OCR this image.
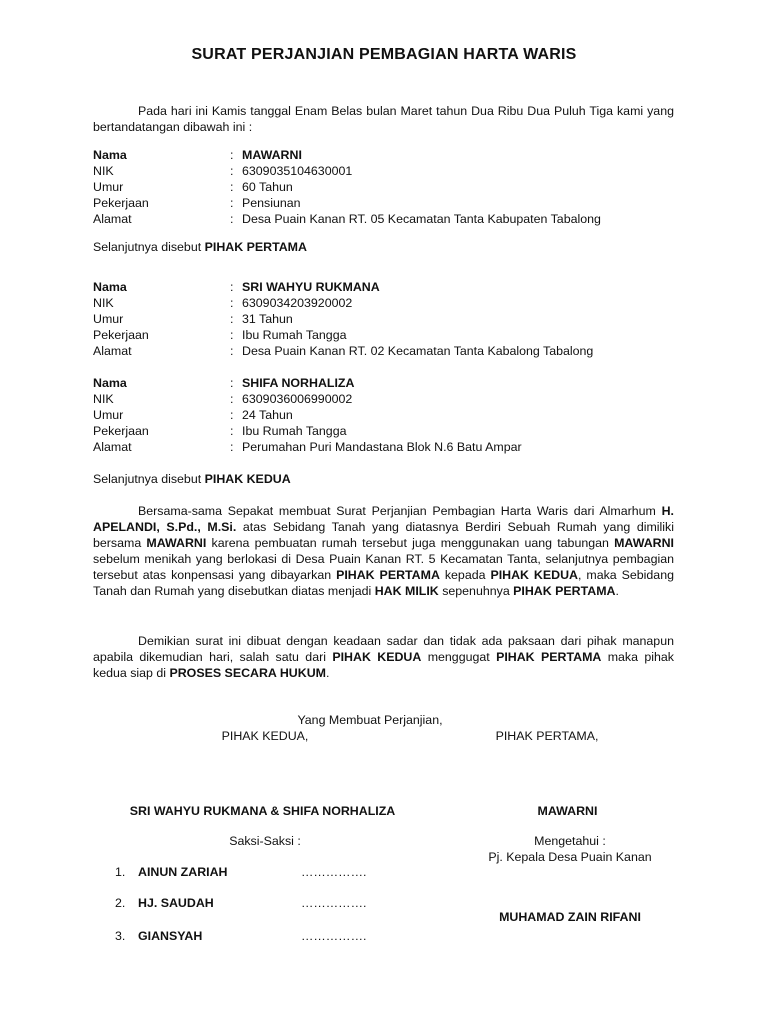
SURAT PERJANJIAN PEMBAGIAN HARTA WARIS
Pada hari ini Kamis tanggal Enam Belas bulan Maret tahun Dua Ribu Dua Puluh Tiga kami yang bertandatangan dibawah ini :
Nama	: MAWARNI
NIK	: 6309035104630001
Umur	: 60 Tahun
Pekerjaan	: Pensiunan
Alamat	: Desa Puain Kanan RT. 05 Kecamatan Tanta Kabupaten Tabalong
Selanjutnya disebut PIHAK PERTAMA
Nama	: SRI WAHYU RUKMANA
NIK	: 6309034203920002
Umur	: 31 Tahun
Pekerjaan	: Ibu Rumah Tangga
Alamat	: Desa Puain Kanan RT. 02 Kecamatan Tanta Kabalong Tabalong
Nama	: SHIFA NORHALIZA
NIK	: 6309036006990002
Umur	: 24 Tahun
Pekerjaan	: Ibu Rumah Tangga
Alamat	: Perumahan Puri Mandastana Blok N.6 Batu Ampar
Selanjutnya disebut PIHAK KEDUA
Bersama-sama Sepakat membuat Surat Perjanjian Pembagian Harta Waris dari Almarhum H. APELANDI, S.Pd., M.Si. atas Sebidang Tanah yang diatasnya Berdiri Sebuah Rumah yang dimiliki bersama MAWARNI karena pembuatan rumah tersebut juga menggunakan uang tabungan MAWARNI sebelum menikah yang berlokasi di Desa Puain Kanan RT. 5 Kecamatan Tanta, selanjutnya pembagian tersebut atas konpensasi yang dibayarkan PIHAK PERTAMA kepada PIHAK KEDUA, maka Sebidang Tanah dan Rumah yang disebutkan diatas menjadi HAK MILIK sepenuhnya PIHAK PERTAMA.
Demikian surat ini dibuat dengan keadaan sadar dan tidak ada paksaan dari pihak manapun apabila dikemudian hari, salah satu dari PIHAK KEDUA menggugat PIHAK PERTAMA maka pihak kedua siap di PROSES SECARA HUKUM.
Yang Membuat Perjanjian,
PIHAK KEDUA,	PIHAK PERTAMA,
SRI WAHYU RUKMANA & SHIFA NORHALIZA	MAWARNI
Saksi-Saksi :	Mengetahui :
Pj. Kepala Desa Puain Kanan
1.	AINUN ZARIAH	…………….
2.	HJ. SAUDAH	…………….
3.	GIANSYAH	…………….
MUHAMAD ZAIN RIFANI
